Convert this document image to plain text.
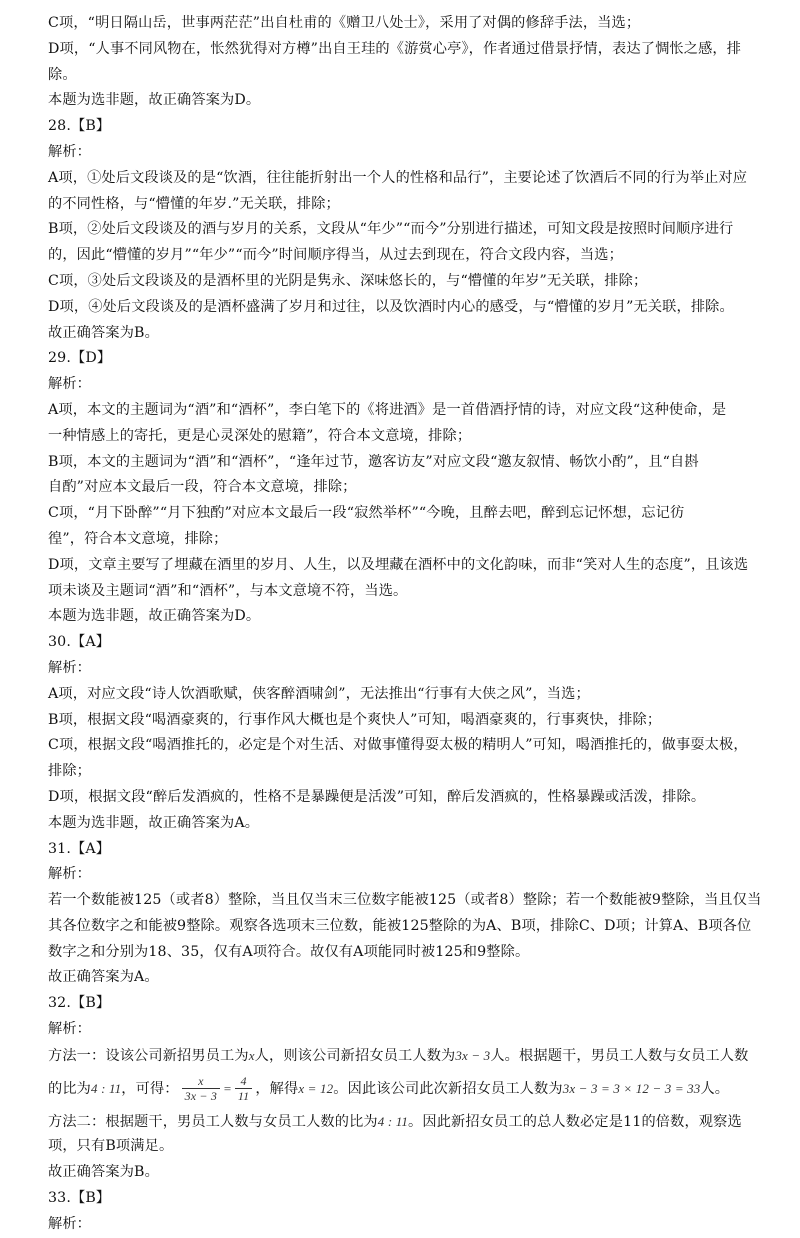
C项，“明日隔山岳，世事两茫茫”出自杜甫的《赠卫八处士》，采用了对偶的修辞手法，当选；
D项，“人事不同风物在，怅然犹得对方樽”出自王珪的《游赏心亭》，作者通过借景抒情，表达了惆怅之感，排
除。
本题为选非题，故正确答案为D。
28.【B】
解析：
A项，①处后文段谈及的是“饮酒，往往能折射出一个人的性格和品行”，主要论述了饮酒后不同的行为举止对应
的不同性格，与“懵懂的年岁.”无关联，排除；
B项，②处后文段谈及的酒与岁月的关系，文段从“年少”“而今”分别进行描述，可知文段是按照时间顺序进行
的，因此“懵懂的岁月”“年少”“而今”时间顺序得当，从过去到现在，符合文段内容，当选；
C项，③处后文段谈及的是酒杯里的光阴是隽永、深味悠长的，与“懵懂的年岁”无关联，排除；
D项，④处后文段谈及的是酒杯盛满了岁月和过往，以及饮酒时内心的感受，与“懵懂的岁月”无关联，排除。
故正确答案为B。
29.【D】
解析：
A项，本文的主题词为“酒”和“酒杯”，李白笔下的《将进酒》是一首借酒抒情的诗，对应文段“这种使命，是
一种情感上的寄托，更是心灵深处的慰籍”，符合本文意境，排除；
B项，本文的主题词为“酒”和“酒杯”，“逢年过节，邀客访友”对应文段“邀友叙情、畅饮小酌”，且“自斟
自酌”对应本文最后一段，符合本文意境，排除；
C项，“月下卧醉”“月下独酌”对应本文最后一段“寂然举杯”“今晚，且醉去吧，醉到忘记怀想，忘记彷
徨”，符合本文意境，排除；
D项，文章主要写了埋藏在酒里的岁月、人生，以及埋藏在酒杯中的文化韵味，而非“笑对人生的态度”，且该选
项未谈及主题词“酒”和“酒杯”，与本文意境不符，当选。
本题为选非题，故正确答案为D。
30.【A】
解析：
A项，对应文段“诗人饮酒歌赋，侠客醉酒啸剑”，无法推出“行事有大侠之风”，当选；
B项，根据文段“喝酒豪爽的，行事作风大概也是个爽快人”可知，喝酒豪爽的，行事爽快，排除；
C项，根据文段“喝酒推托的，必定是个对生活、对做事懂得耍太极的精明人”可知，喝酒推托的，做事耍太极，
排除；
D项，根据文段“醉后发酒疯的，性格不是暴躁便是活泼”可知，醉后发酒疯的，性格暴躁或活泼，排除。
本题为选非题，故正确答案为A。
31.【A】
解析：
若一个数能被125（或者8）整除，当且仅当末三位数字能被125（或者8）整除；若一个数能被9整除，当且仅当
其各位数字之和能被9整除。观察各选项末三位数，能被125整除的为A、B项，排除C、D项；计算A、B项各位
数字之和分别为18、35，仅有A项符合。故仅有A项能同时被125和9整除。
故正确答案为A。
32.【B】
解析：
方法一：设该公司新招男员工为x人，则该公司新招女员工人数为3x − 3人。根据题干，男员工人数与女员工人数
的比为4 : 11，可得： $\frac{x}{3x - 3} = \frac{4}{11}$ ，解得x = 12。因此该公司此次新招女员工人数为3x − 3 = 3 × 12 − 3 = 33人。
方法二：根据题干，男员工人数与女员工人数的比为4 : 11。因此新招女员工的总人数必定是11的倍数，观察选
项，只有B项满足。
故正确答案为B。
33.【B】
解析：
